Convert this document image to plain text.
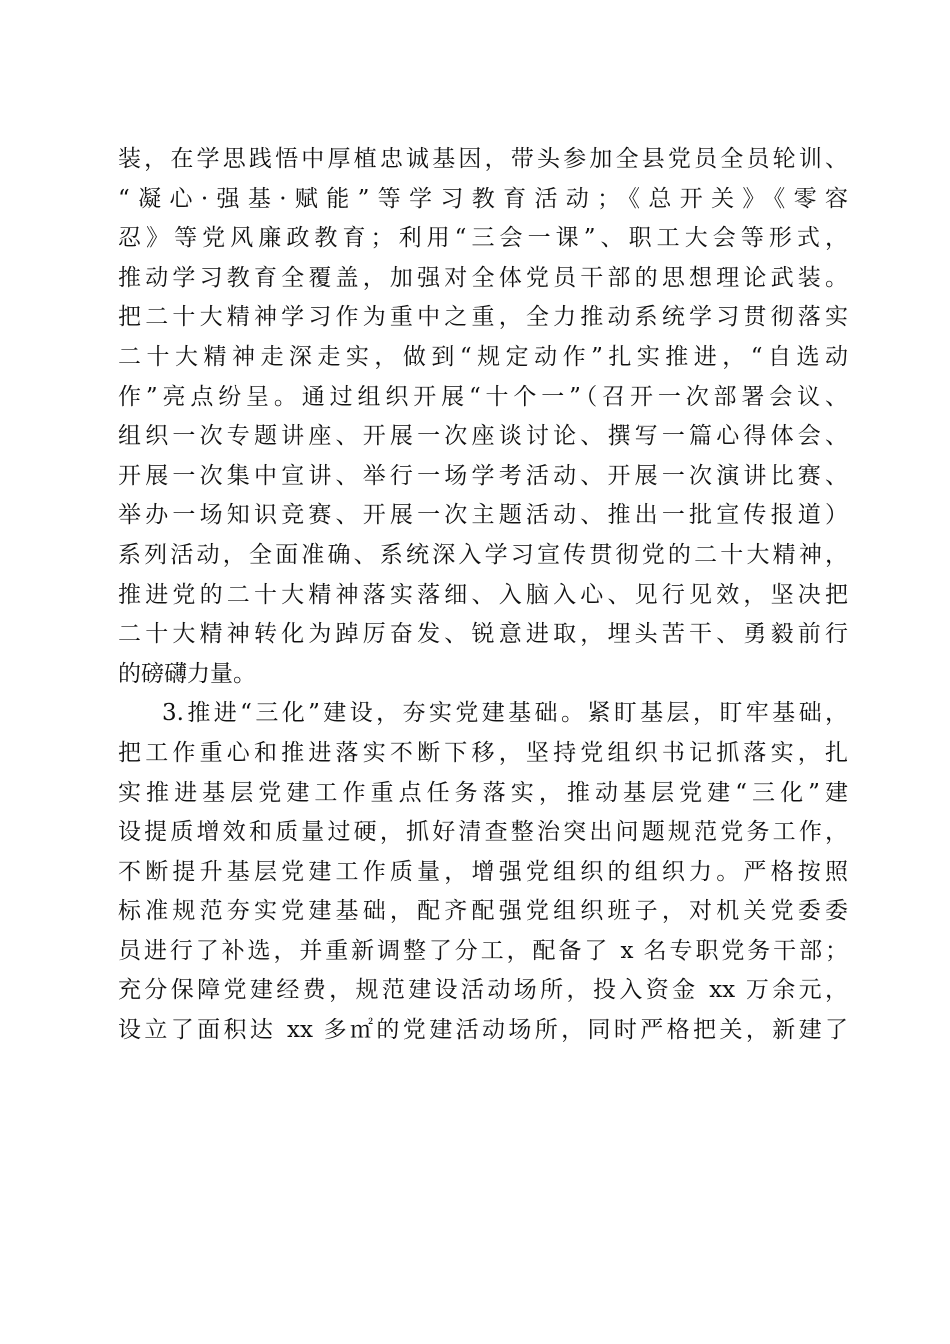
装，在学思践悟中厚植忠诚基因，带头参加全县党员全员轮训、
“凝心·强基·赋能”等学习教育活动；《总开关》《零容
忍》等党风廉政教育；利用“三会一课”、职工大会等形式，
推动学习教育全覆盖，加强对全体党员干部的思想理论武装。
把二十大精神学习作为重中之重，全力推动系统学习贯彻落实
二十大精神走深走实，做到“规定动作”扎实推进，“自选动
作”亮点纷呈。通过组织开展“十个一”（召开一次部署会议、
组织一次专题讲座、开展一次座谈讨论、撰写一篇心得体会、
开展一次集中宣讲、举行一场学考活动、开展一次演讲比赛、
举办一场知识竞赛、开展一次主题活动、推出一批宣传报道）
系列活动，全面准确、系统深入学习宣传贯彻党的二十大精神，
推进党的二十大精神落实落细、入脑入心、见行见效，坚决把
二十大精神转化为踔厉奋发、锐意进取，埋头苦干、勇毅前行
的磅礴力量。
3.推进“三化”建设，夯实党建基础。紧盯基层，盯牢基础，
把工作重心和推进落实不断下移，坚持党组织书记抓落实，扎
实推进基层党建工作重点任务落实，推动基层党建“三化”建
设提质增效和质量过硬，抓好清查整治突出问题规范党务工作，
不断提升基层党建工作质量，增强党组织的组织力。严格按照
标准规范夯实党建基础，配齐配强党组织班子，对机关党委委
员进行了补选，并重新调整了分工，配备了 x 名专职党务干部；
充分保障党建经费，规范建设活动场所，投入资金 xx 万余元，
设立了面积达 xx 多㎡的党建活动场所，同时严格把关，新建了
